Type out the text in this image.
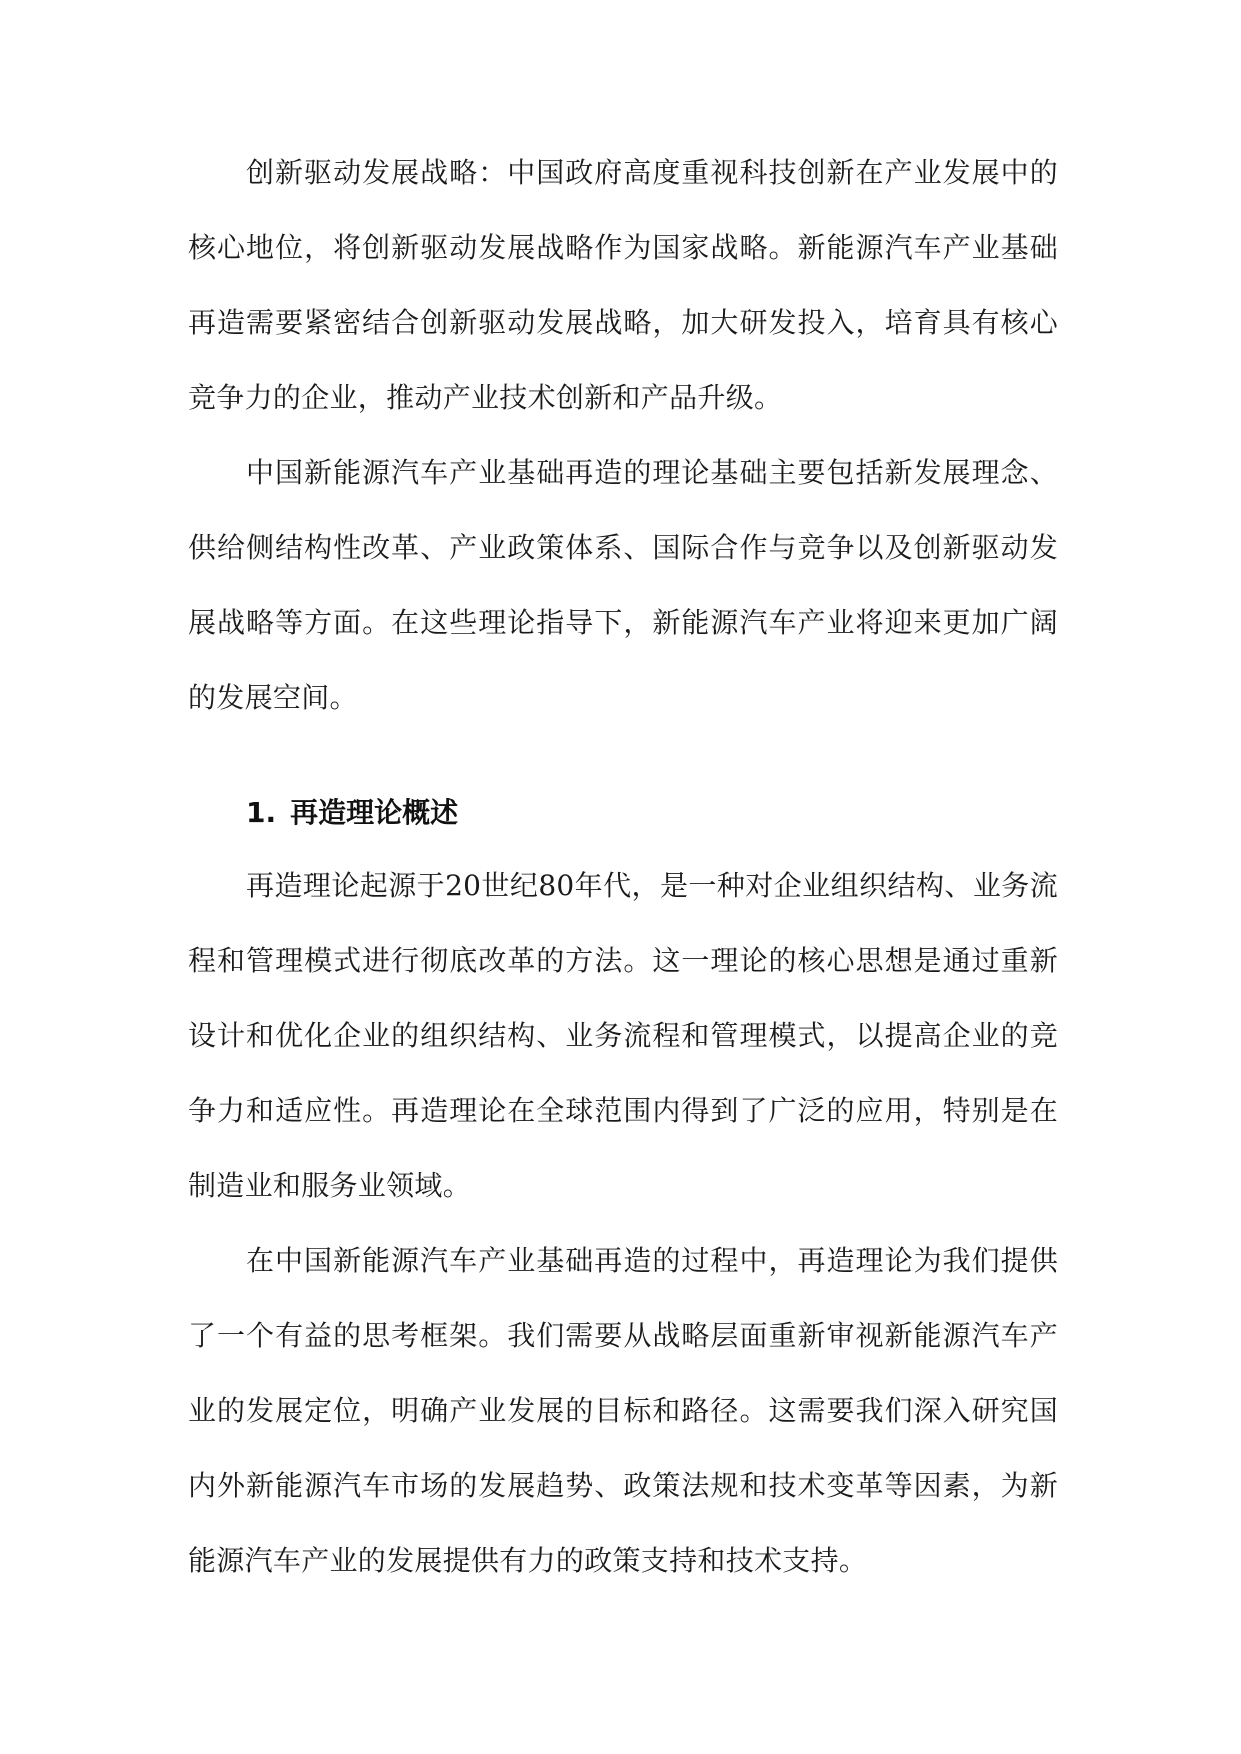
创新驱动发展战略：中国政府高度重视科技创新在产业发展中的核心地位，将创新驱动发展战略作为国家战略。新能源汽车产业基础再造需要紧密结合创新驱动发展战略，加大研发投入，培育具有核心竞争力的企业，推动产业技术创新和产品升级。

中国新能源汽车产业基础再造的理论基础主要包括新发展理念、供给侧结构性改革、产业政策体系、国际合作与竞争以及创新驱动发展战略等方面。在这些理论指导下，新能源汽车产业将迎来更加广阔的发展空间。

1. 再造理论概述

再造理论起源于20世纪80年代，是一种对企业组织结构、业务流程和管理模式进行彻底改革的方法。这一理论的核心思想是通过重新设计和优化企业的组织结构、业务流程和管理模式，以提高企业的竞争力和适应性。再造理论在全球范围内得到了广泛的应用，特别是在制造业和服务业领域。

在中国新能源汽车产业基础再造的过程中，再造理论为我们提供了一个有益的思考框架。我们需要从战略层面重新审视新能源汽车产业的发展定位，明确产业发展的目标和路径。这需要我们深入研究国内外新能源汽车市场的发展趋势、政策法规和技术变革等因素，为新能源汽车产业的发展提供有力的政策支持和技术支持。
